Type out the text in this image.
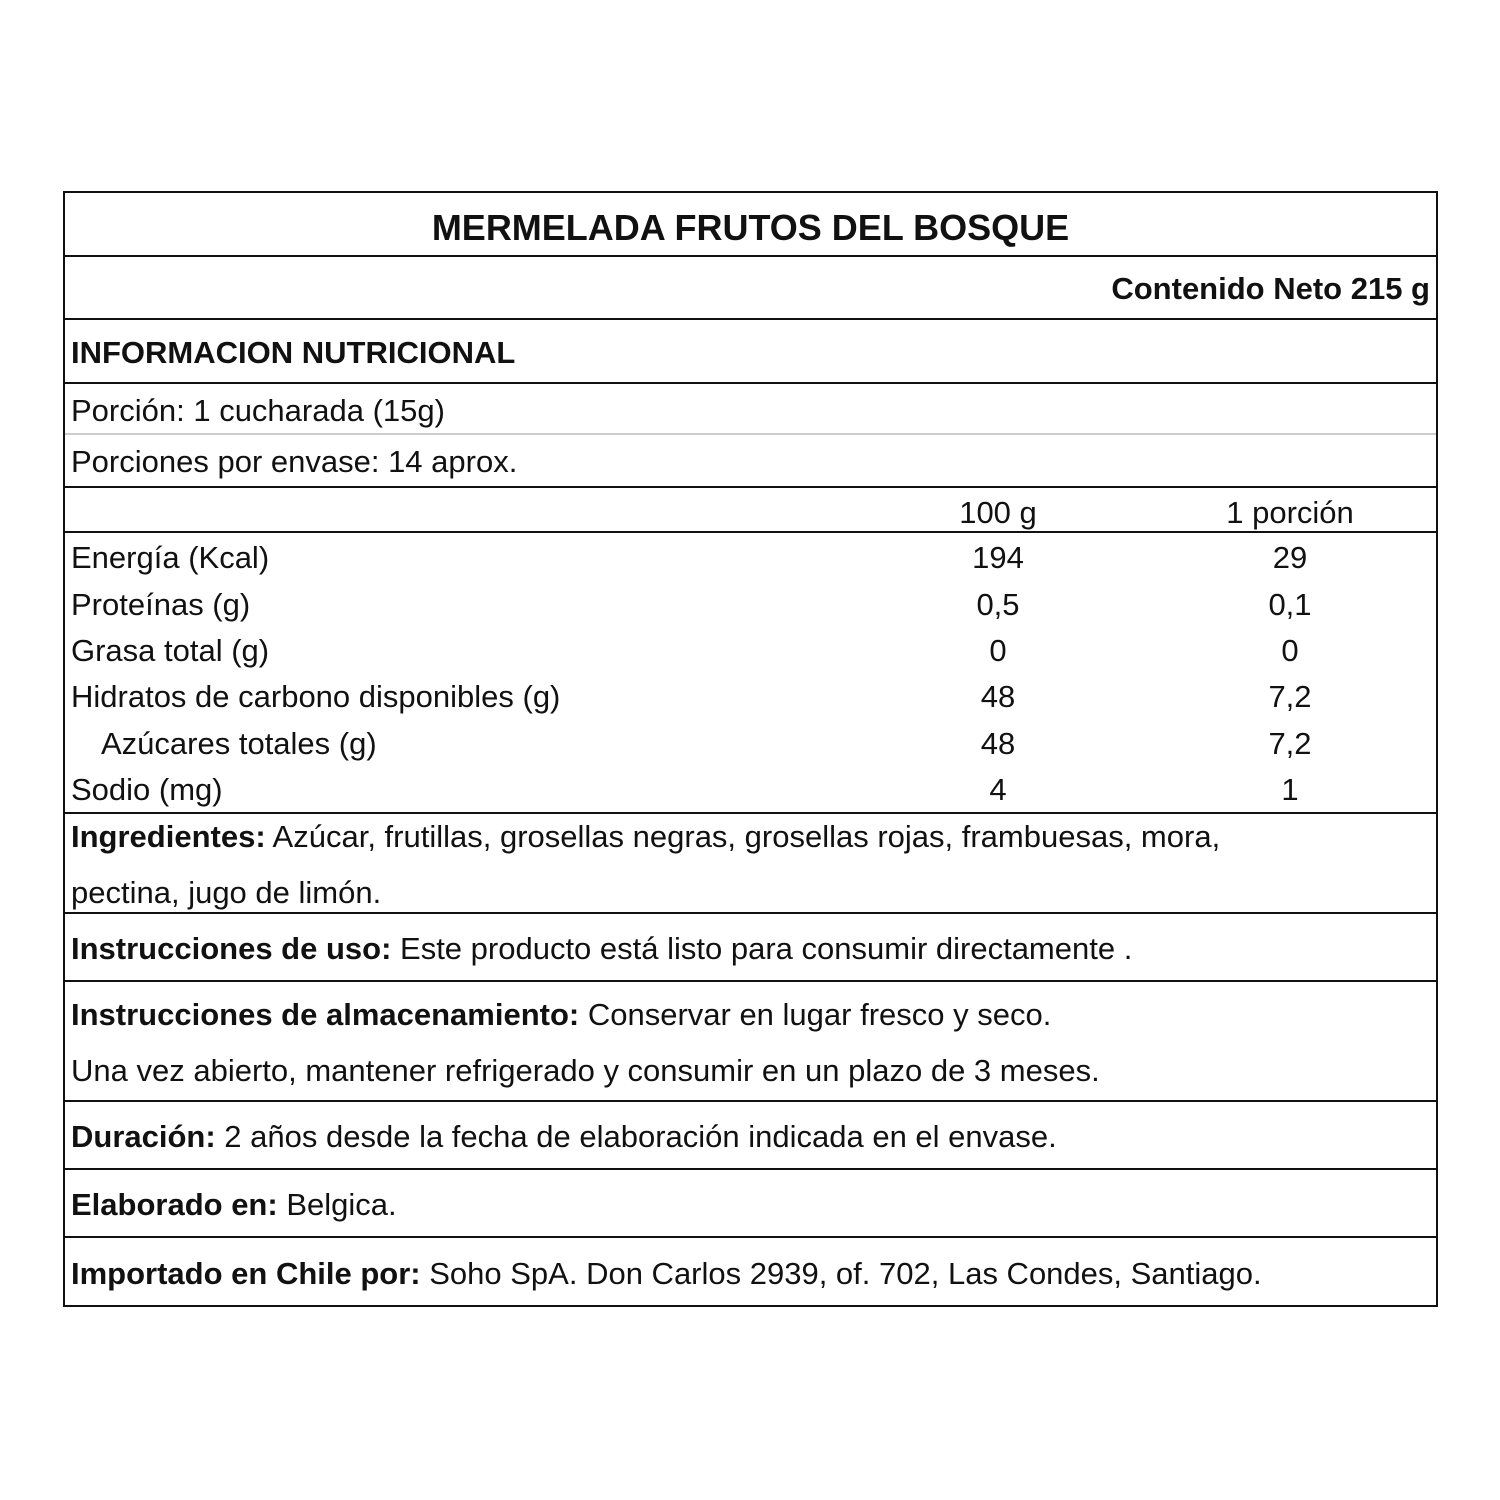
MERMELADA FRUTOS DEL BOSQUE
Contenido Neto 215 g
INFORMACION NUTRICIONAL
Porción: 1 cucharada (15g)
Porciones por envase: 14 aprox.
100 g	1 porción
Energía (Kcal)	194	29
Proteínas (g)	0,5	0,1
Grasa total (g)	0	0
Hidratos de carbono disponibles (g)	48	7,2
Azúcares totales (g)	48	7,2
Sodio (mg)	4	1
Ingredientes: Azúcar, frutillas, grosellas negras, grosellas rojas, frambuesas, mora,
pectina, jugo de limón.
Instrucciones de uso: Este producto está listo para consumir directamente .
Instrucciones de almacenamiento: Conservar en lugar fresco y seco.
Una vez abierto, mantener refrigerado y consumir en un plazo de 3 meses.
Duración: 2 años desde la fecha de elaboración indicada en el envase.
Elaborado en: Belgica.
Importado en Chile por: Soho SpA. Don Carlos 2939, of. 702, Las Condes, Santiago.
